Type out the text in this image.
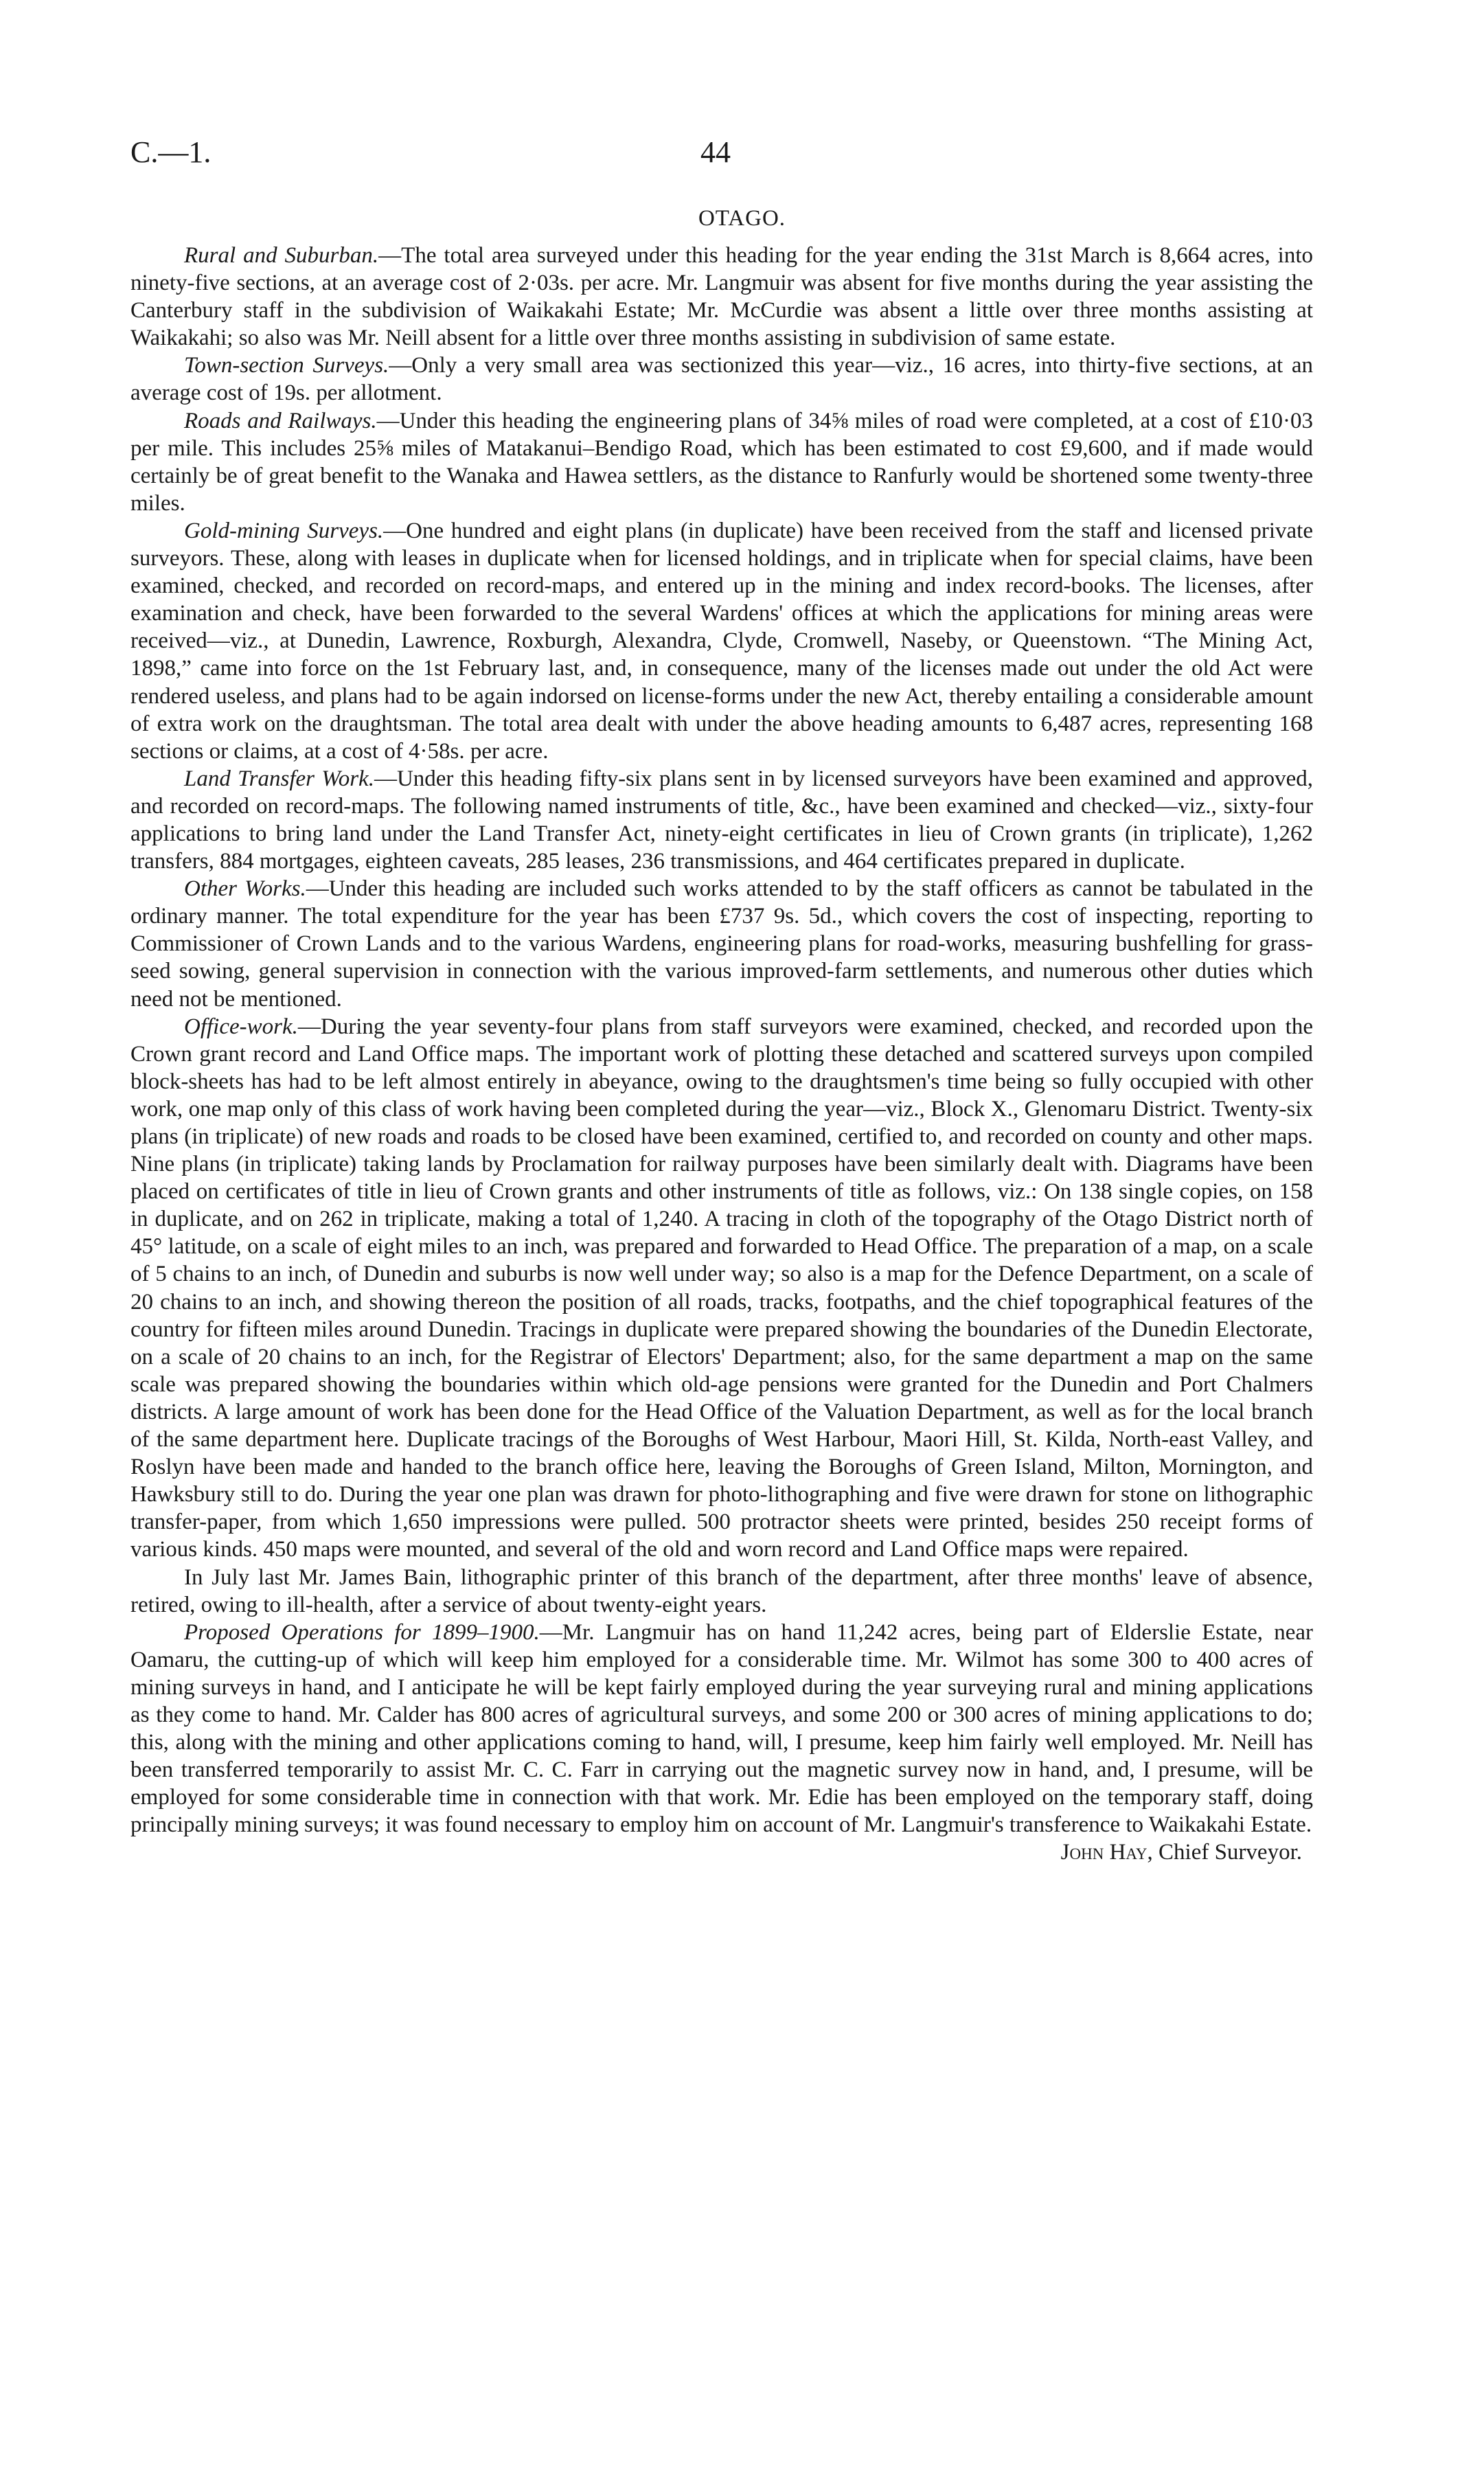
C.—1.	44
OTAGO.

Rural and Suburban.—The total area surveyed under this heading for the year ending the 31st March is 8,664 acres, into ninety-five sections, at an average cost of 2·03s. per acre. Mr. Langmuir was absent for five months during the year assisting the Canterbury staff in the subdivision of Waikakahi Estate; Mr. McCurdie was absent a little over three months assisting at Waikakahi; so also was Mr. Neill absent for a little over three months assisting in subdivision of same estate.

Town-section Surveys.—Only a very small area was sectionized this year—viz., 16 acres, into thirty-five sections, at an average cost of 19s. per allotment.

Roads and Railways.—Under this heading the engineering plans of 34⅝ miles of road were completed, at a cost of £10·03 per mile. This includes 25⅝ miles of Matakanui–Bendigo Road, which has been estimated to cost £9,600, and if made would certainly be of great benefit to the Wanaka and Hawea settlers, as the distance to Ranfurly would be shortened some twenty-three miles.

Gold-mining Surveys.—One hundred and eight plans (in duplicate) have been received from the staff and licensed private surveyors. These, along with leases in duplicate when for licensed holdings, and in triplicate when for special claims, have been examined, checked, and recorded on record-maps, and entered up in the mining and index record-books. The licenses, after examination and check, have been forwarded to the several Wardens' offices at which the applications for mining areas were received—viz., at Dunedin, Lawrence, Roxburgh, Alexandra, Clyde, Cromwell, Naseby, or Queenstown. “The Mining Act, 1898,” came into force on the 1st February last, and, in consequence, many of the licenses made out under the old Act were rendered useless, and plans had to be again indorsed on license-forms under the new Act, thereby entailing a considerable amount of extra work on the draughtsman. The total area dealt with under the above heading amounts to 6,487 acres, representing 168 sections or claims, at a cost of 4·58s. per acre.

Land Transfer Work.—Under this heading fifty-six plans sent in by licensed surveyors have been examined and approved, and recorded on record-maps. The following named instruments of title, &c., have been examined and checked—viz., sixty-four applications to bring land under the Land Transfer Act, ninety-eight certificates in lieu of Crown grants (in triplicate), 1,262 transfers, 884 mortgages, eighteen caveats, 285 leases, 236 transmissions, and 464 certificates prepared in duplicate.

Other Works.—Under this heading are included such works attended to by the staff officers as cannot be tabulated in the ordinary manner. The total expenditure for the year has been £737 9s. 5d., which covers the cost of inspecting, reporting to Commissioner of Crown Lands and to the various Wardens, engineering plans for road-works, measuring bushfelling for grass-seed sowing, general supervision in connection with the various improved-farm settlements, and numerous other duties which need not be mentioned.

Office-work.—During the year seventy-four plans from staff surveyors were examined, checked, and recorded upon the Crown grant record and Land Office maps. The important work of plotting these detached and scattered surveys upon compiled block-sheets has had to be left almost entirely in abeyance, owing to the draughtsmen's time being so fully occupied with other work, one map only of this class of work having been completed during the year—viz., Block X., Glenomaru District. Twenty-six plans (in triplicate) of new roads and roads to be closed have been examined, certified to, and recorded on county and other maps. Nine plans (in triplicate) taking lands by Proclamation for railway purposes have been similarly dealt with. Diagrams have been placed on certificates of title in lieu of Crown grants and other instruments of title as follows, viz.: On 138 single copies, on 158 in duplicate, and on 262 in triplicate, making a total of 1,240. A tracing in cloth of the topography of the Otago District north of 45° latitude, on a scale of eight miles to an inch, was prepared and forwarded to Head Office. The preparation of a map, on a scale of 5 chains to an inch, of Dunedin and suburbs is now well under way; so also is a map for the Defence Department, on a scale of 20 chains to an inch, and showing thereon the position of all roads, tracks, footpaths, and the chief topographical features of the country for fifteen miles around Dunedin. Tracings in duplicate were prepared showing the boundaries of the Dunedin Electorate, on a scale of 20 chains to an inch, for the Registrar of Electors' Department; also, for the same department a map on the same scale was prepared showing the boundaries within which old-age pensions were granted for the Dunedin and Port Chalmers districts. A large amount of work has been done for the Head Office of the Valuation Department, as well as for the local branch of the same department here. Duplicate tracings of the Boroughs of West Harbour, Maori Hill, St. Kilda, North-east Valley, and Roslyn have been made and handed to the branch office here, leaving the Boroughs of Green Island, Milton, Mornington, and Hawksbury still to do. During the year one plan was drawn for photo-lithographing and five were drawn for stone on lithographic transfer-paper, from which 1,650 impressions were pulled. 500 protractor sheets were printed, besides 250 receipt forms of various kinds. 450 maps were mounted, and several of the old and worn record and Land Office maps were repaired.

In July last Mr. James Bain, lithographic printer of this branch of the department, after three months' leave of absence, retired, owing to ill-health, after a service of about twenty-eight years.

Proposed Operations for 1899–1900.—Mr. Langmuir has on hand 11,242 acres, being part of Elderslie Estate, near Oamaru, the cutting-up of which will keep him employed for a considerable time. Mr. Wilmot has some 300 to 400 acres of mining surveys in hand, and I anticipate he will be kept fairly employed during the year surveying rural and mining applications as they come to hand. Mr. Calder has 800 acres of agricultural surveys, and some 200 or 300 acres of mining applications to do; this, along with the mining and other applications coming to hand, will, I presume, keep him fairly well employed. Mr. Neill has been transferred temporarily to assist Mr. C. C. Farr in carrying out the magnetic survey now in hand, and, I presume, will be employed for some considerable time in connection with that work. Mr. Edie has been employed on the temporary staff, doing principally mining surveys; it was found necessary to employ him on account of Mr. Langmuir's transference to Waikakahi Estate.
John Hay, Chief Surveyor.
